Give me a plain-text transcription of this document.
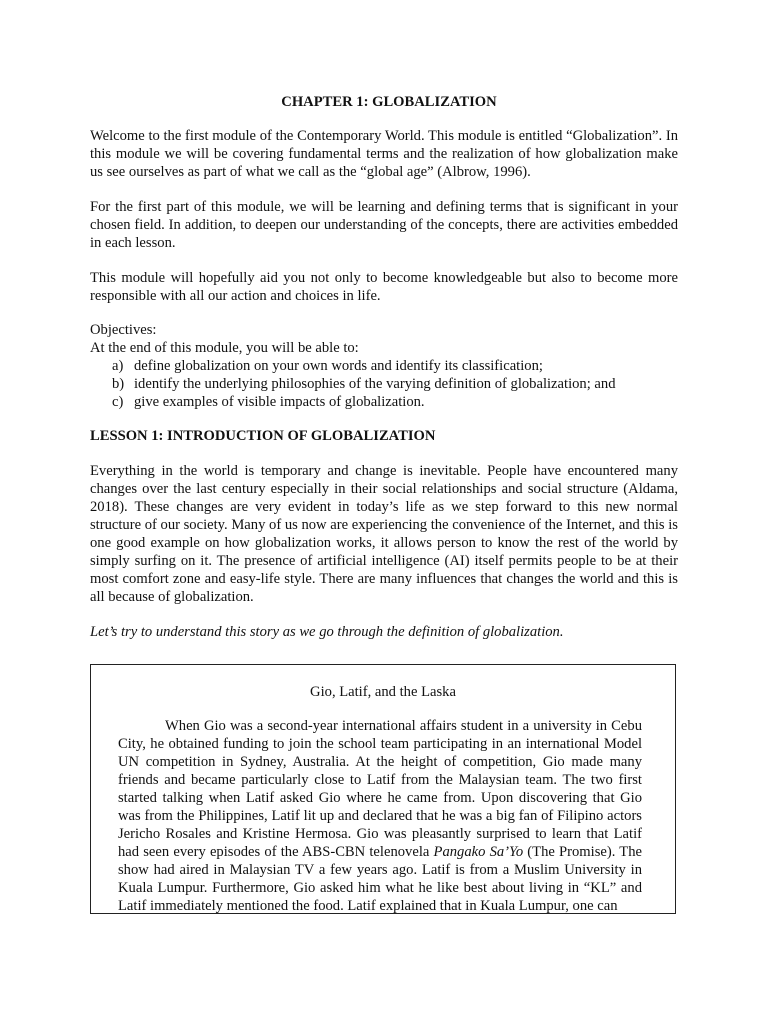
CHAPTER 1: GLOBALIZATION

Welcome to the first module of the Contemporary World. This module is entitled “Globalization”. In this module we will be covering fundamental terms and the realization of how globalization make us see ourselves as part of what we call as the “global age” (Albrow, 1996).

For the first part of this module, we will be learning and defining terms that is significant in your chosen field. In addition, to deepen our understanding of the concepts, there are activities embedded in each lesson.

This module will hopefully aid you not only to become knowledgeable but also to become more responsible with all our action and choices in life.

Objectives:
At the end of this module, you will be able to:
a) define globalization on your own words and identify its classification;
b) identify the underlying philosophies of the varying definition of globalization; and
c) give examples of visible impacts of globalization.
LESSON 1: INTRODUCTION OF GLOBALIZATION

Everything in the world is temporary and change is inevitable. People have encountered many changes over the last century especially in their social relationships and social structure (Aldama, 2018). These changes are very evident in today’s life as we step forward to this new normal structure of our society. Many of us now are experiencing the convenience of the Internet, and this is one good example on how globalization works, it allows person to know the rest of the world by simply surfing on it. The presence of artificial intelligence (AI) itself permits people to be at their most comfort zone and easy-life style. There are many influences that changes the world and this is all because of globalization.

Let’s try to understand this story as we go through the definition of globalization.

Gio, Latif, and the Laska

When Gio was a second-year international affairs student in a university in Cebu City, he obtained funding to join the school team participating in an international Model UN competition in Sydney, Australia. At the height of competition, Gio made many friends and became particularly close to Latif from the Malaysian team. The two first started talking when Latif asked Gio where he came from. Upon discovering that Gio was from the Philippines, Latif lit up and declared that he was a big fan of Filipino actors Jericho Rosales and Kristine Hermosa. Gio was pleasantly surprised to learn that Latif had seen every episodes of the ABS-CBN telenovela Pangako Sa’Yo (The Promise). The show had aired in Malaysian TV a few years ago. Latif is from a Muslim University in Kuala Lumpur. Furthermore, Gio asked him what he like best about living in “KL” and Latif immediately mentioned the food. Latif explained that in Kuala Lumpur, one can
